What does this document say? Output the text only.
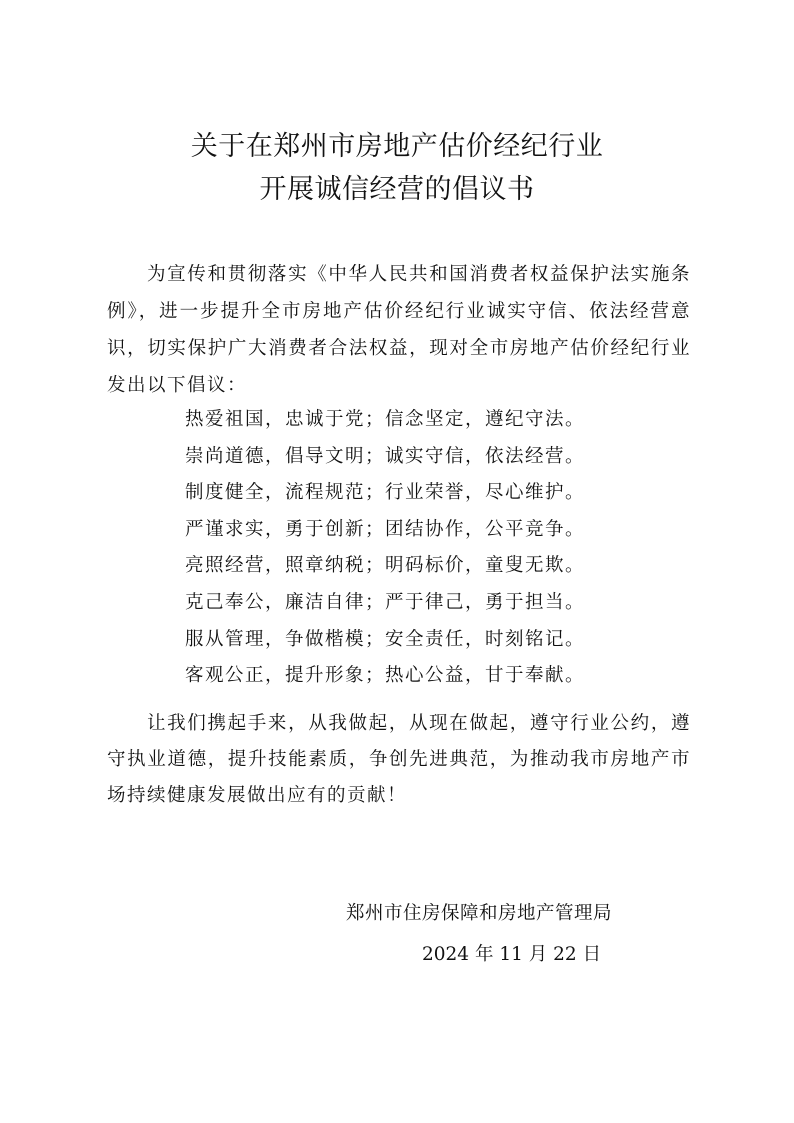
关于在郑州市房地产估价经纪行业
开展诚信经营的倡议书

为宣传和贯彻落实《中华人民共和国消费者权益保护法实施条例》，进一步提升全市房地产估价经纪行业诚实守信、依法经营意识，切实保护广大消费者合法权益，现对全市房地产估价经纪行业发出以下倡议：

热爱祖国，忠诚于党；信念坚定，遵纪守法。
崇尚道德，倡导文明；诚实守信，依法经营。
制度健全，流程规范；行业荣誉，尽心维护。
严谨求实，勇于创新；团结协作，公平竞争。
亮照经营，照章纳税；明码标价，童叟无欺。
克己奉公，廉洁自律；严于律己，勇于担当。
服从管理，争做楷模；安全责任，时刻铭记。
客观公正，提升形象；热心公益，甘于奉献。

让我们携起手来，从我做起，从现在做起，遵守行业公约，遵守执业道德，提升技能素质，争创先进典范，为推动我市房地产市场持续健康发展做出应有的贡献！

郑州市住房保障和房地产管理局
2024 年 11 月 22 日
